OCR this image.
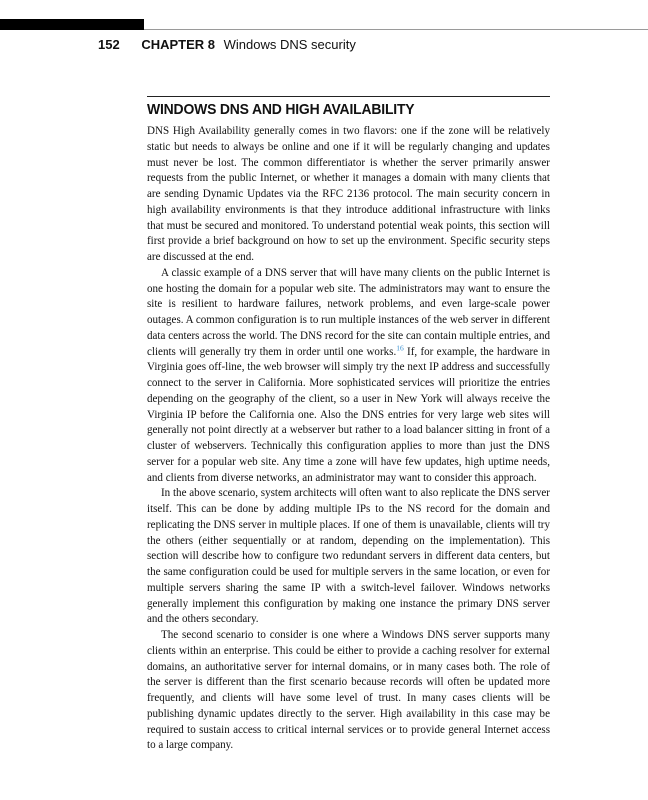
152 CHAPTER 8 Windows DNS security
WINDOWS DNS AND HIGH AVAILABILITY

DNS High Availability generally comes in two flavors: one if the zone will be relatively static but needs to always be online and one if it will be regularly changing and updates must never be lost. The common differentiator is whether the server primarily answer requests from the public Internet, or whether it manages a domain with many clients that are sending Dynamic Updates via the RFC 2136 protocol. The main security concern in high availability environments is that they introduce additional infrastructure with links that must be secured and monitored. To understand potential weak points, this section will first provide a brief background on how to set up the environment. Specific security steps are discussed at the end.

A classic example of a DNS server that will have many clients on the public Internet is one hosting the domain for a popular web site. The administrators may want to ensure the site is resilient to hardware failures, network problems, and even large-scale power outages. A common configuration is to run multiple instances of the web server in different data centers across the world. The DNS record for the site can contain multiple entries, and clients will generally try them in order until one works.$^{16}$ If, for example, the hardware in Virginia goes off-line, the web browser will simply try the next IP address and successfully connect to the server in California. More sophisticated services will prioritize the entries depending on the geography of the client, so a user in New York will always receive the Virginia IP before the California one. Also the DNS entries for very large web sites will generally not point directly at a webserver but rather to a load balancer sitting in front of a cluster of webservers. Technically this configuration applies to more than just the DNS server for a popular web site. Any time a zone will have few updates, high uptime needs, and clients from diverse networks, an administrator may want to consider this approach.

In the above scenario, system architects will often want to also replicate the DNS server itself. This can be done by adding multiple IPs to the NS record for the domain and replicating the DNS server in multiple places. If one of them is unavailable, clients will try the others (either sequentially or at random, depending on the implementation). This section will describe how to configure two redundant servers in different data centers, but the same configuration could be used for multiple servers in the same location, or even for multiple servers sharing the same IP with a switch-level failover. Windows networks generally implement this configuration by making one instance the primary DNS server and the others secondary.

The second scenario to consider is one where a Windows DNS server supports many clients within an enterprise. This could be either to provide a caching resolver for external domains, an authoritative server for internal domains, or in many cases both. The role of the server is different than the first scenario because records will often be updated more frequently, and clients will have some level of trust. In many cases clients will be publishing dynamic updates directly to the server. High availability in this case may be required to sustain access to critical internal services or to provide general Internet access to a large company.
